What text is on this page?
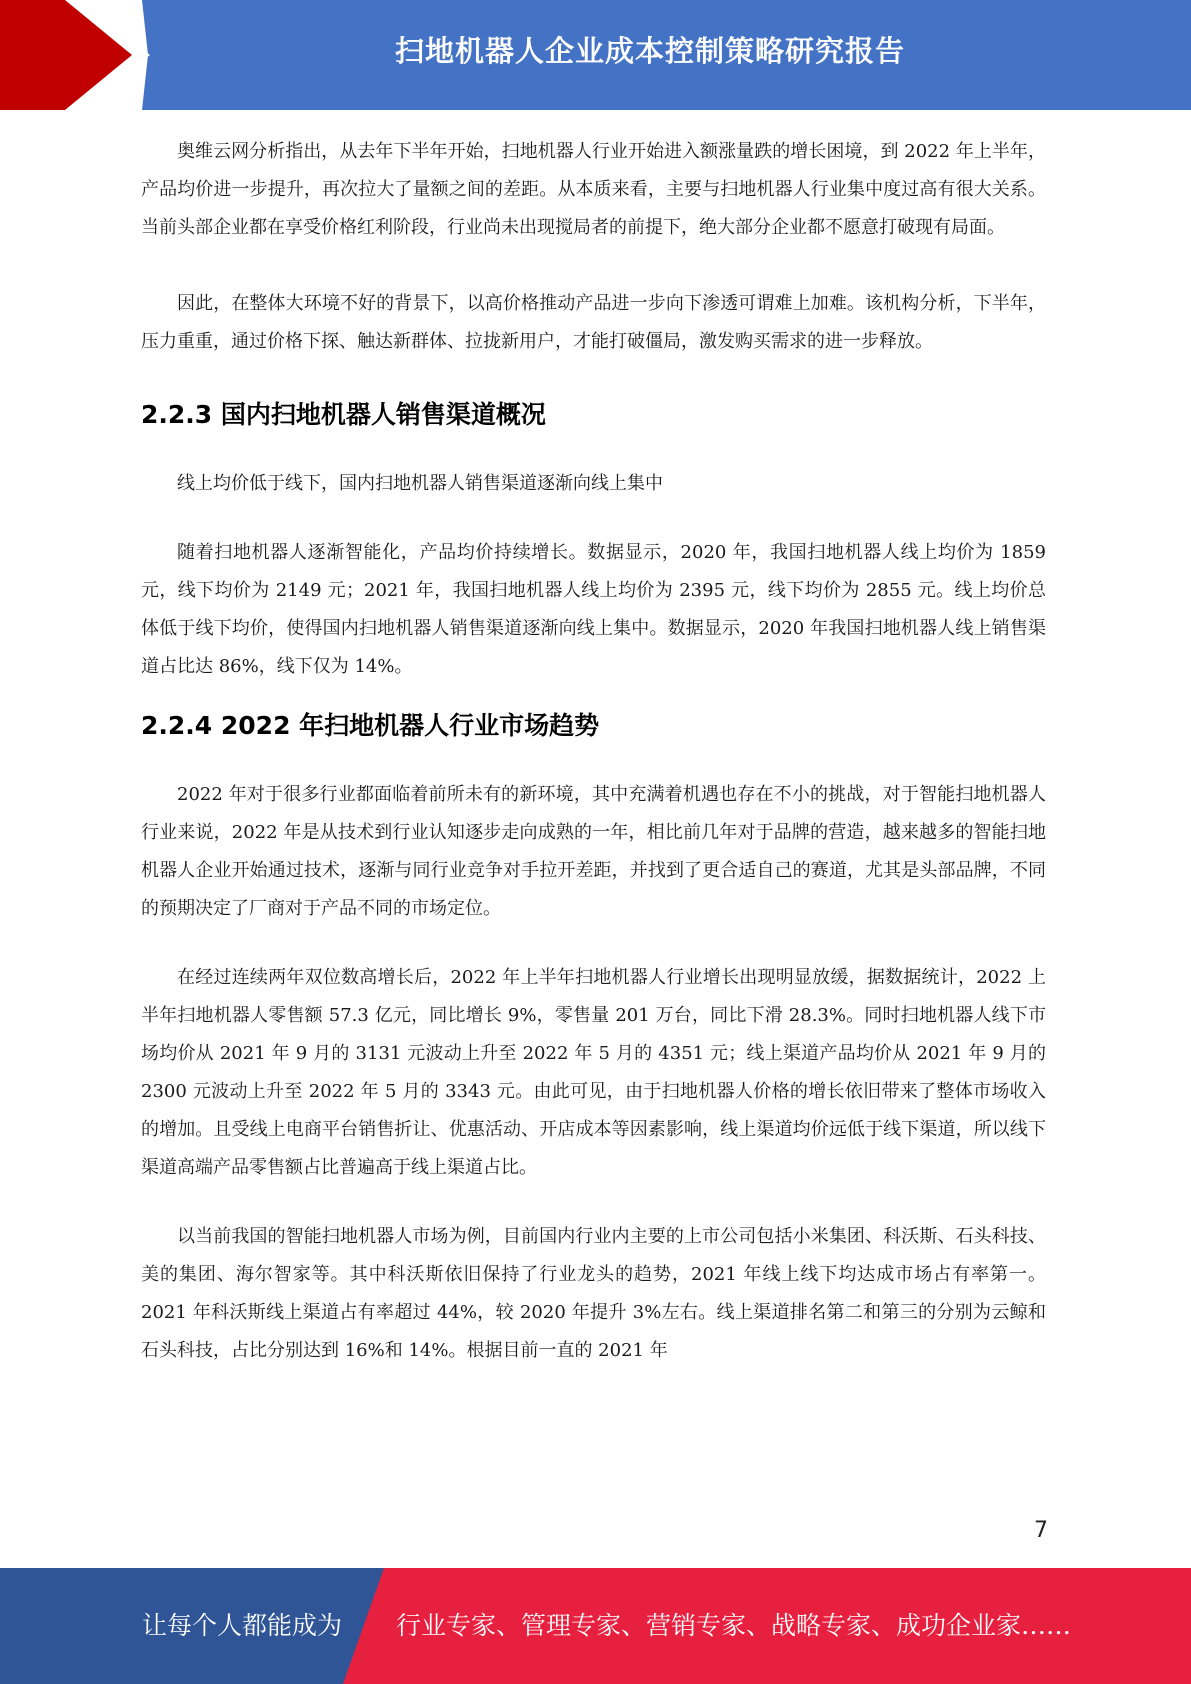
扫地机器人企业成本控制策略研究报告

奥维云网分析指出，从去年下半年开始，扫地机器人行业开始进入额涨量跌的增长困境，到 2022 年上半年，产品均价进一步提升，再次拉大了量额之间的差距。从本质来看，主要与扫地机器人行业集中度过高有很大关系。当前头部企业都在享受价格红利阶段，行业尚未出现搅局者的前提下，绝大部分企业都不愿意打破现有局面。

因此，在整体大环境不好的背景下，以高价格推动产品进一步向下渗透可谓难上加难。该机构分析，下半年，压力重重，通过价格下探、触达新群体、拉拢新用户，才能打破僵局，激发购买需求的进一步释放。

2.2.3 国内扫地机器人销售渠道概况

线上均价低于线下，国内扫地机器人销售渠道逐渐向线上集中

随着扫地机器人逐渐智能化，产品均价持续增长。数据显示，2020 年，我国扫地机器人线上均价为 1859 元，线下均价为 2149 元；2021 年，我国扫地机器人线上均价为 2395 元，线下均价为 2855 元。线上均价总体低于线下均价，使得国内扫地机器人销售渠道逐渐向线上集中。数据显示，2020 年我国扫地机器人线上销售渠道占比达 86%，线下仅为 14%。

2.2.4 2022 年扫地机器人行业市场趋势

2022 年对于很多行业都面临着前所未有的新环境，其中充满着机遇也存在不小的挑战，对于智能扫地机器人行业来说，2022 年是从技术到行业认知逐步走向成熟的一年，相比前几年对于品牌的营造，越来越多的智能扫地机器人企业开始通过技术，逐渐与同行业竞争对手拉开差距，并找到了更合适自己的赛道，尤其是头部品牌，不同的预期决定了厂商对于产品不同的市场定位。

在经过连续两年双位数高增长后，2022 年上半年扫地机器人行业增长出现明显放缓，据数据统计，2022 上半年扫地机器人零售额 57.3 亿元，同比增长 9%，零售量 201 万台，同比下滑 28.3%。同时扫地机器人线下市场均价从 2021 年 9 月的 3131 元波动上升至 2022 年 5 月的 4351 元；线上渠道产品均价从 2021 年 9 月的 2300 元波动上升至 2022 年 5 月的 3343 元。由此可见，由于扫地机器人价格的增长依旧带来了整体市场收入的增加。且受线上电商平台销售折让、优惠活动、开店成本等因素影响，线上渠道均价远低于线下渠道，所以线下渠道高端产品零售额占比普遍高于线上渠道占比。

以当前我国的智能扫地机器人市场为例，目前国内行业内主要的上市公司包括小米集团、科沃斯、石头科技、美的集团、海尔智家等。其中科沃斯依旧保持了行业龙头的趋势，2021 年线上线下均达成市场占有率第一。2021 年科沃斯线上渠道占有率超过 44%，较 2020 年提升 3%左右。线上渠道排名第二和第三的分别为云鲸和石头科技，占比分别达到 16%和 14%。根据目前一直的 2021 年

7
让每个人都能成为 行业专家、管理专家、营销专家、战略专家、成功企业家……
